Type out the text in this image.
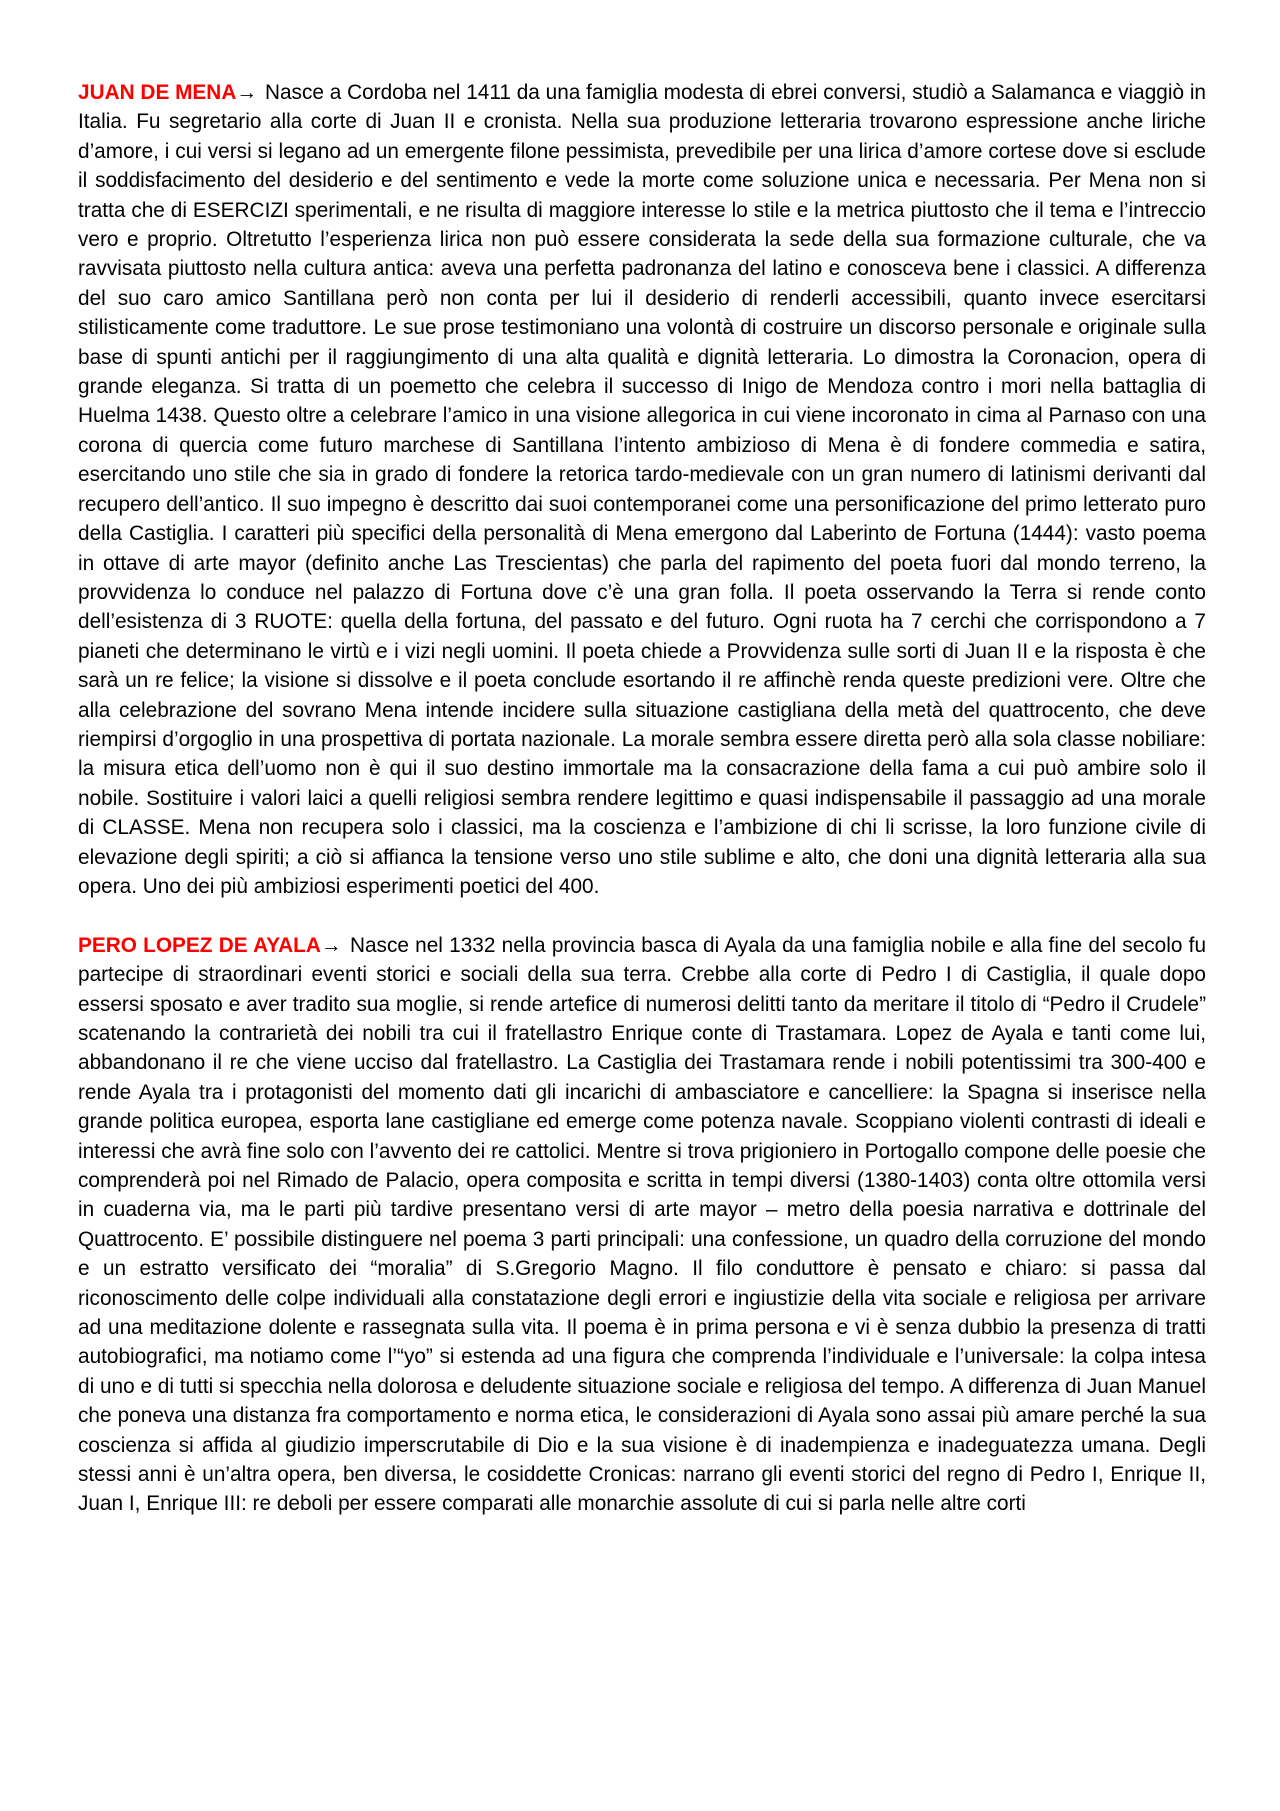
JUAN DE MENA→ Nasce a Cordoba nel 1411 da una famiglia modesta di ebrei conversi, studiò a Salamanca e viaggiò in Italia. Fu segretario alla corte di Juan II e cronista. Nella sua produzione letteraria trovarono espressione anche liriche d’amore, i cui versi si legano ad un emergente filone pessimista, prevedibile per una lirica d’amore cortese dove si esclude il soddisfacimento del desiderio e del sentimento e vede la morte come soluzione unica e necessaria. Per Mena non si tratta che di ESERCIZI sperimentali, e ne risulta di maggiore interesse lo stile e la metrica piuttosto che il tema e l’intreccio vero e proprio. Oltretutto l’esperienza lirica non può essere considerata la sede della sua formazione culturale, che va ravvisata piuttosto nella cultura antica: aveva una perfetta padronanza del latino e conosceva bene i classici. A differenza del suo caro amico Santillana però non conta per lui il desiderio di renderli accessibili, quanto invece esercitarsi stilisticamente come traduttore. Le sue prose testimoniano una volontà di costruire un discorso personale e originale sulla base di spunti antichi per il raggiungimento di una alta qualità e dignità letteraria. Lo dimostra la Coronacion, opera di grande eleganza. Si tratta di un poemetto che celebra il successo di Inigo de Mendoza contro i mori nella battaglia di Huelma 1438. Questo oltre a celebrare l’amico in una visione allegorica in cui viene incoronato in cima al Parnaso con una corona di quercia come futuro marchese di Santillana l’intento ambizioso di Mena è di fondere commedia e satira, esercitando uno stile che sia in grado di fondere la retorica tardo-medievale con un gran numero di latinismi derivanti dal recupero dell’antico. Il suo impegno è descritto dai suoi contemporanei come una personificazione del primo letterato puro della Castiglia. I caratteri più specifici della personalità di Mena emergono dal Laberinto de Fortuna (1444): vasto poema in ottave di arte mayor (definito anche Las Trescientas) che parla del rapimento del poeta fuori dal mondo terreno, la provvidenza lo conduce nel palazzo di Fortuna dove c’è una gran folla. Il poeta osservando la Terra si rende conto dell’esistenza di 3 RUOTE: quella della fortuna, del passato e del futuro. Ogni ruota ha 7 cerchi che corrispondono a 7 pianeti che determinano le virtù e i vizi negli uomini. Il poeta chiede a Provvidenza sulle sorti di Juan II e la risposta è che sarà un re felice; la visione si dissolve e il poeta conclude esortando il re affinchè renda queste predizioni vere. Oltre che alla celebrazione del sovrano Mena intende incidere sulla situazione castigliana della metà del quattrocento, che deve riempirsi d’orgoglio in una prospettiva di portata nazionale. La morale sembra essere diretta però alla sola classe nobiliare: la misura etica dell’uomo non è qui il suo destino immortale ma la consacrazione della fama a cui può ambire solo il nobile. Sostituire i valori laici a quelli religiosi sembra rendere legittimo e quasi indispensabile il passaggio ad una morale di CLASSE. Mena non recupera solo i classici, ma la coscienza e l’ambizione di chi li scrisse, la loro funzione civile di elevazione degli spiriti; a ciò si affianca la tensione verso uno stile sublime e alto, che doni una dignità letteraria alla sua opera. Uno dei più ambiziosi esperimenti poetici del 400.

PERO LOPEZ DE AYALA→ Nasce nel 1332 nella provincia basca di Ayala da una famiglia nobile e alla fine del secolo fu partecipe di straordinari eventi storici e sociali della sua terra. Crebbe alla corte di Pedro I di Castiglia, il quale dopo essersi sposato e aver tradito sua moglie, si rende artefice di numerosi delitti tanto da meritare il titolo di “Pedro il Crudele” scatenando la contrarietà dei nobili tra cui il fratellastro Enrique conte di Trastamara. Lopez de Ayala e tanti come lui, abbandonano il re che viene ucciso dal fratellastro. La Castiglia dei Trastamara rende i nobili potentissimi tra 300-400 e rende Ayala tra i protagonisti del momento dati gli incarichi di ambasciatore e cancelliere: la Spagna si inserisce nella grande politica europea, esporta lane castigliane ed emerge come potenza navale. Scoppiano violenti contrasti di ideali e interessi che avrà fine solo con l’avvento dei re cattolici. Mentre si trova prigioniero in Portogallo compone delle poesie che comprenderà poi nel Rimado de Palacio, opera composita e scritta in tempi diversi (1380-1403) conta oltre ottomila versi in cuaderna via, ma le parti più tardive presentano versi di arte mayor – metro della poesia narrativa e dottrinale del Quattrocento. E’ possibile distinguere nel poema 3 parti principali: una confessione, un quadro della corruzione del mondo e un estratto versificato dei “moralia” di S.Gregorio Magno. Il filo conduttore è pensato e chiaro: si passa dal riconoscimento delle colpe individuali alla constatazione degli errori e ingiustizie della vita sociale e religiosa per arrivare ad una meditazione dolente e rassegnata sulla vita. Il poema è in prima persona e vi è senza dubbio la presenza di tratti autobiografici, ma notiamo come l’“yo” si estenda ad una figura che comprenda l’individuale e l’universale: la colpa intesa di uno e di tutti si specchia nella dolorosa e deludente situazione sociale e religiosa del tempo. A differenza di Juan Manuel che poneva una distanza fra comportamento e norma etica, le considerazioni di Ayala sono assai più amare perché la sua coscienza si affida al giudizio imperscrutabile di Dio e la sua visione è di inadempienza e inadeguatezza umana. Degli stessi anni è un’altra opera, ben diversa, le cosiddette Cronicas: narrano gli eventi storici del regno di Pedro I, Enrique II, Juan I, Enrique III: re deboli per essere comparati alle monarchie assolute di cui si parla nelle altre corti
